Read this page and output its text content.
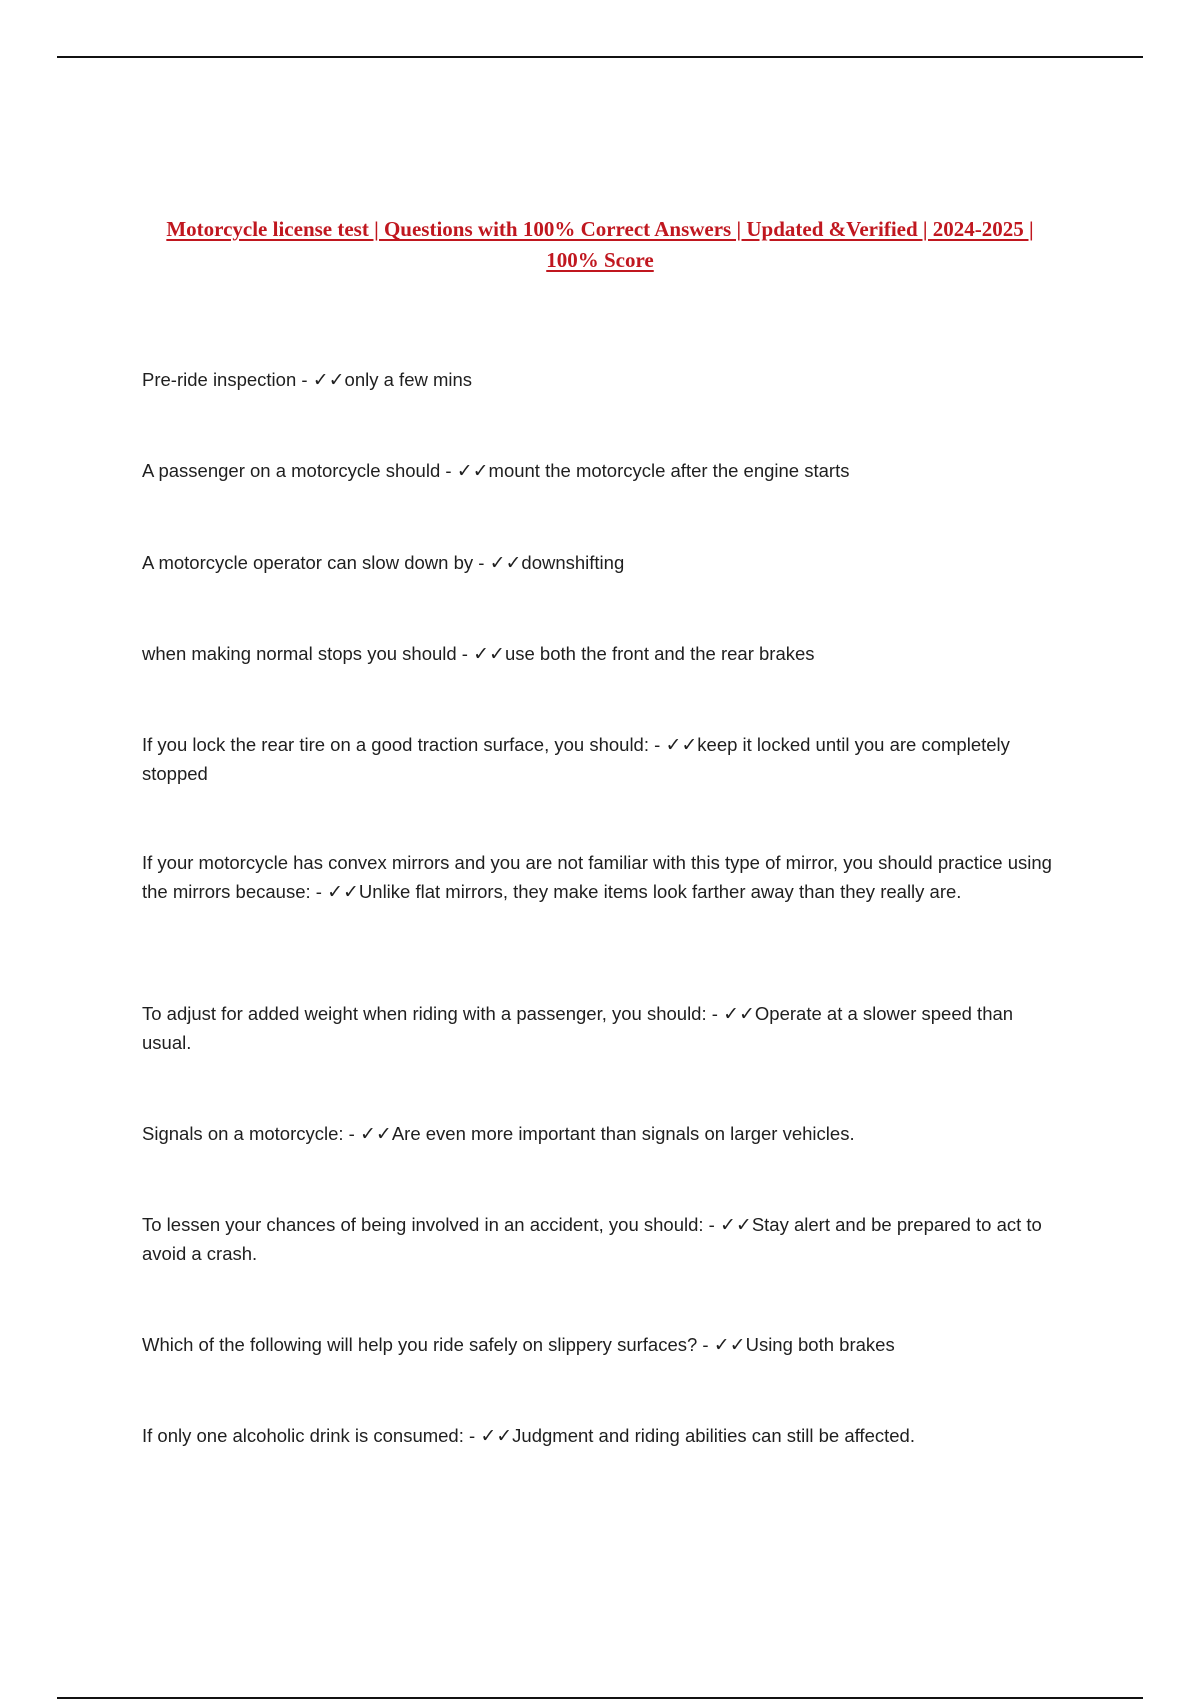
Motorcycle license test | Questions with 100% Correct Answers | Updated &Verified | 2024-2025 | 100% Score

Pre-ride inspection - ✓✓only a few mins

A passenger on a motorcycle should - ✓✓mount the motorcycle after the engine starts

A motorcycle operator can slow down by - ✓✓downshifting

when making normal stops you should - ✓✓use both the front and the rear brakes

If you lock the rear tire on a good traction surface, you should: - ✓✓keep it locked until you are completely stopped

If your motorcycle has convex mirrors and you are not familiar with this type of mirror, you should practice using the mirrors because: - ✓✓Unlike flat mirrors, they make items look farther away than they really are.

To adjust for added weight when riding with a passenger, you should: - ✓✓Operate at a slower speed than usual.

Signals on a motorcycle: - ✓✓Are even more important than signals on larger vehicles.

To lessen your chances of being involved in an accident, you should: - ✓✓Stay alert and be prepared to act to avoid a crash.

Which of the following will help you ride safely on slippery surfaces? - ✓✓Using both brakes

If only one alcoholic drink is consumed: - ✓✓Judgment and riding abilities can still be affected.
